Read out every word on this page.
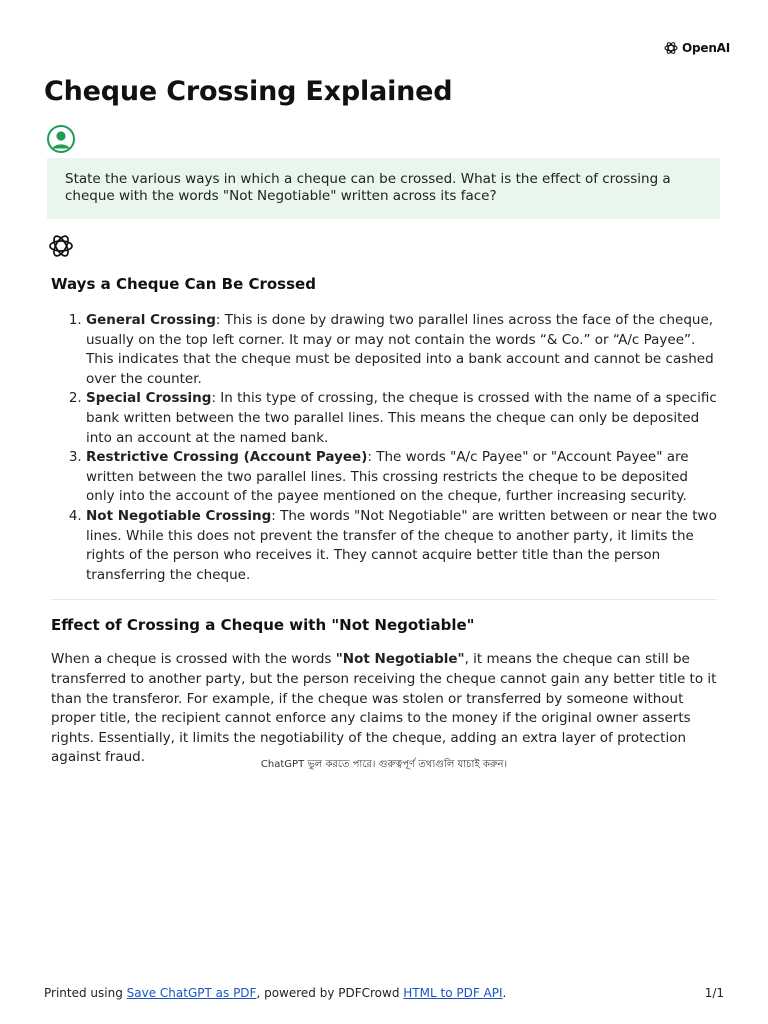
OpenAI
Cheque Crossing Explained
State the various ways in which a cheque can be crossed. What is the effect of crossing a cheque with the words "Not Negotiable" written across its face?
Ways a Cheque Can Be Crossed
1. General Crossing: This is done by drawing two parallel lines across the face of the cheque, usually on the top left corner. It may or may not contain the words “& Co.” or “A/c Payee”. This indicates that the cheque must be deposited into a bank account and cannot be cashed over the counter.
2. Special Crossing: In this type of crossing, the cheque is crossed with the name of a specific bank written between the two parallel lines. This means the cheque can only be deposited into an account at the named bank.
3. Restrictive Crossing (Account Payee): The words "A/c Payee" or "Account Payee" are written between the two parallel lines. This crossing restricts the cheque to be deposited only into the account of the payee mentioned on the cheque, further increasing security.
4. Not Negotiable Crossing: The words "Not Negotiable" are written between or near the two lines. While this does not prevent the transfer of the cheque to another party, it limits the rights of the person who receives it. They cannot acquire better title than the person transferring the cheque.
Effect of Crossing a Cheque with "Not Negotiable"

When a cheque is crossed with the words "Not Negotiable", it means the cheque can still be transferred to another party, but the person receiving the cheque cannot gain any better title to it than the transferor. For example, if the cheque was stolen or transferred by someone without proper title, the recipient cannot enforce any claims to the money if the original owner asserts rights. Essentially, it limits the negotiability of the cheque, adding an extra layer of protection against fraud.	ChatGPT ভুল করতে পারে। গুরুত্বপূর্ণ তথ্যগুলি যাচাই করুন।
Printed using Save ChatGPT as PDF, powered by PDFCrowd HTML to PDF API.	1/1
